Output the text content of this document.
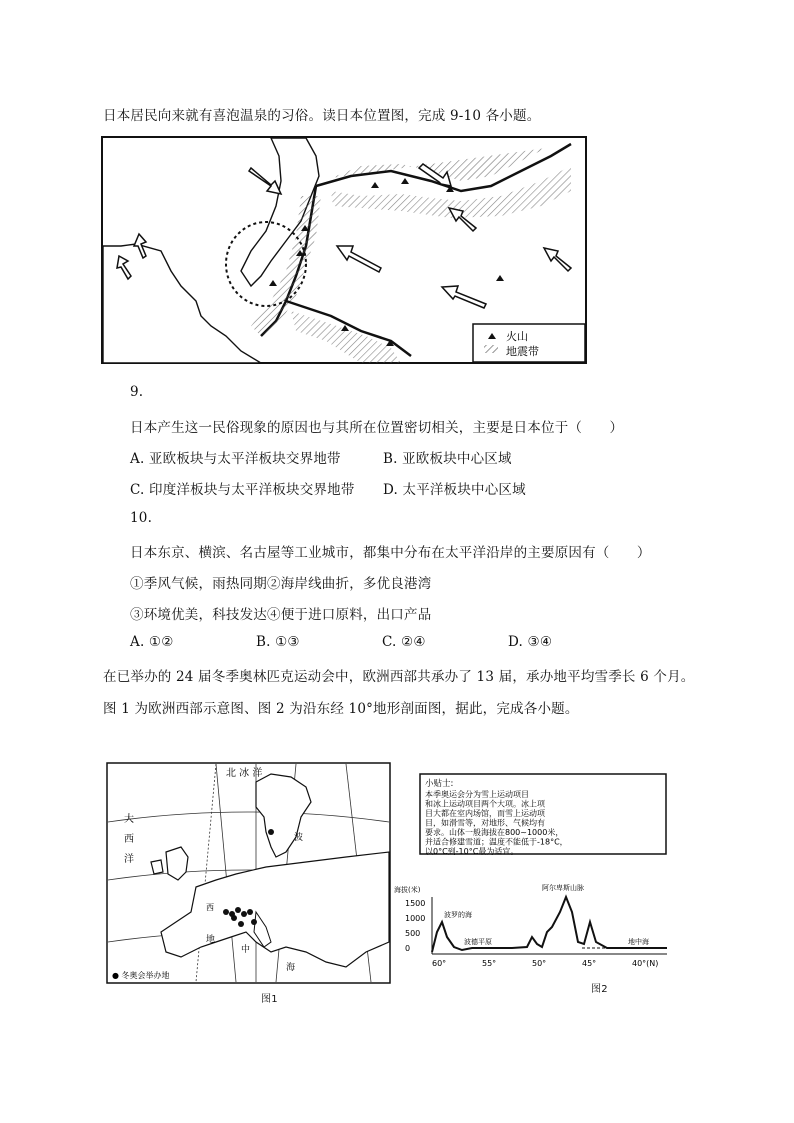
日本居民向来就有喜泡温泉的习俗。读日本位置图，完成 9-10 各小题。
火山
地震带
9.
日本产生这一民俗现象的原因也与其所在位置密切相关，主要是日本位于（　　）
A. 亚欧板块与太平洋板块交界地带	B. 亚欧板块中心区域
C. 印度洋板块与太平洋板块交界地带 D. 太平洋板块中心区域
10.
日本东京、横滨、名古屋等工业城市，都集中分布在太平洋沿岸的主要原因有（　　）
①季风气候，雨热同期②海岸线曲折，多优良港湾
③环境优美，科技发达④便于进口原料，出口产品
A. ①②	B. ①③	C. ②④	D. ③④
在已举办的 24 届冬季奥林匹克运动会中，欧洲西部共承办了 13 届，承办地平均雪季长 6 个月。
图 1 为欧洲西部示意图、图 2 为沿东经 10°地形剖面图，据此，完成各小题。
北 冰 洋
大
西
洋
波
西
地
中
海
● 冬奥会举办地
图1
小贴士:
本季奥运会分为雪上运动项目
和冰上运动项目两个大项。冰上项
目大都在室内场馆，而雪上运动项
目，如滑雪等，对地形、气候均有
要求。山体一般海拔在800~1000米，
并适合修建雪道；温度不能低于-18°C，
以0°C到-10°C最为适宜。
海拔(米)
1500
1000
500
0
60°	55°	50°	45°	40°(N)
阿尔卑斯山脉
波德平原
波罗的海
地中海
图2
